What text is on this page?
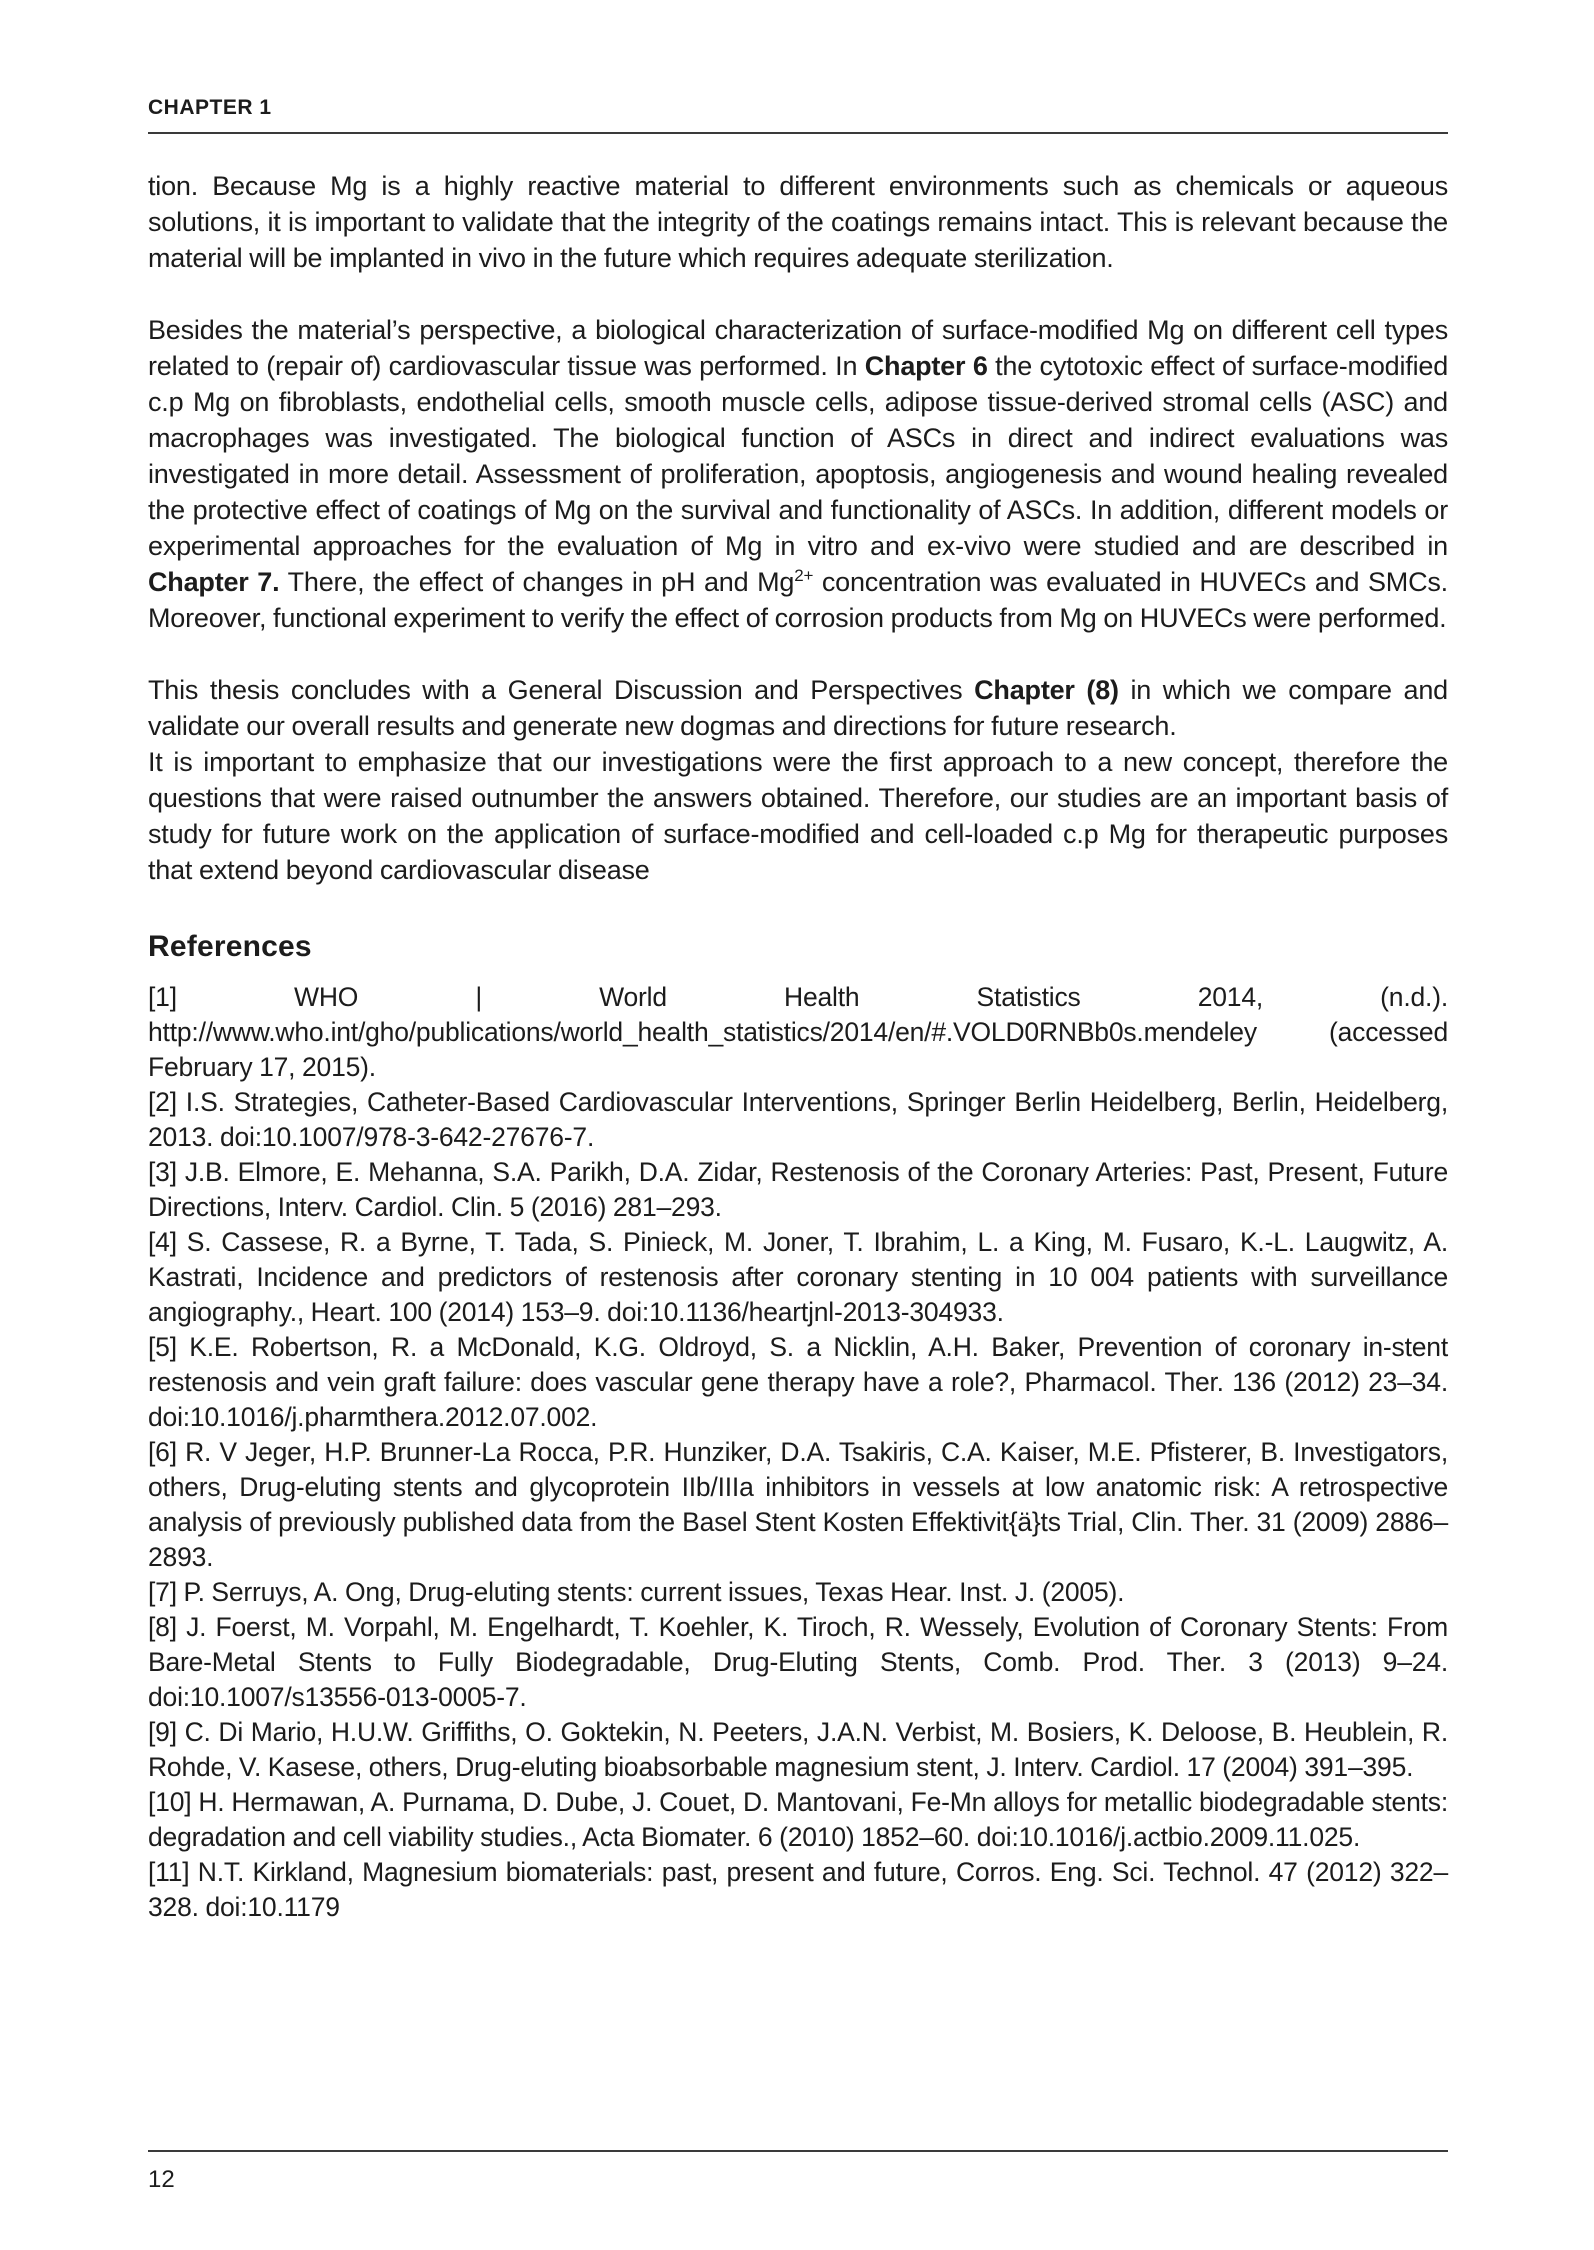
CHAPTER 1

tion. Because Mg is a highly reactive material to different environments such as chemicals or aqueous solutions, it is important to validate that the integrity of the coatings remains intact. This is relevant because the material will be implanted in vivo in the future which requires adequate sterilization.

Besides the material’s perspective, a biological characterization of surface-modified Mg on different cell types related to (repair of) cardiovascular tissue was performed. In Chapter 6 the cytotoxic effect of surface-modified c.p Mg on fibroblasts, endothelial cells, smooth muscle cells, adipose tissue-derived stromal cells (ASC) and macrophages was investigated. The biological function of ASCs in direct and indirect evaluations was investigated in more detail. Assessment of proliferation, apoptosis, angiogenesis and wound healing revealed the protective effect of coatings of Mg on the survival and functionality of ASCs. In addition, different models or experimental approaches for the evaluation of Mg in vitro and ex-vivo were studied and are described in Chapter 7. There, the effect of changes in pH and $Mg^{2+}$ concentration was evaluated in HUVECs and SMCs. Moreover, functional experiment to verify the effect of corrosion products from Mg on HUVECs were performed.

This thesis concludes with a General Discussion and Perspectives Chapter (8) in which we compare and validate our overall results and generate new dogmas and directions for future research.

It is important to emphasize that our investigations were the first approach to a new concept, therefore the questions that were raised outnumber the answers obtained. Therefore, our studies are an important basis of study for future work on the application of surface-modified and cell-loaded c.p Mg for therapeutic purposes that extend beyond cardiovascular disease

References

[1] WHO | World Health Statistics 2014, (n.d.). http://www.who.int/gho/publications/world_health_statistics/2014/en/#.VOLD0RNBb0s.mendeley (accessed February 17, 2015).

[2] I.S. Strategies, Catheter-Based Cardiovascular Interventions, Springer Berlin Heidelberg, Berlin, Heidelberg, 2013. doi:10.1007/978-3-642-27676-7.

[3] J.B. Elmore, E. Mehanna, S.A. Parikh, D.A. Zidar, Restenosis of the Coronary Arteries: Past, Present, Future Directions, Interv. Cardiol. Clin. 5 (2016) 281–293.

[4] S. Cassese, R. a Byrne, T. Tada, S. Pinieck, M. Joner, T. Ibrahim, L. a King, M. Fusaro, K.-L. Laugwitz, A. Kastrati, Incidence and predictors of restenosis after coronary stenting in 10 004 patients with surveillance angiography., Heart. 100 (2014) 153–9. doi:10.1136/heartjnl-2013-304933.

[5] K.E. Robertson, R. a McDonald, K.G. Oldroyd, S. a Nicklin, A.H. Baker, Prevention of coronary in-stent restenosis and vein graft failure: does vascular gene therapy have a role?, Pharmacol. Ther. 136 (2012) 23–34. doi:10.1016/j.pharmthera.2012.07.002.

[6] R. V Jeger, H.P. Brunner-La Rocca, P.R. Hunziker, D.A. Tsakiris, C.A. Kaiser, M.E. Pfisterer, B. Investigators, others, Drug-eluting stents and glycoprotein IIb/IIIa inhibitors in vessels at low anatomic risk: A retrospective analysis of previously published data from the Basel Stent Kosten Effektivit{ä}ts Trial, Clin. Ther. 31 (2009) 2886–2893.

[7] P. Serruys, A. Ong, Drug-eluting stents: current issues, Texas Hear. Inst. J. (2005).

[8] J. Foerst, M. Vorpahl, M. Engelhardt, T. Koehler, K. Tiroch, R. Wessely, Evolution of Coronary Stents: From Bare-Metal Stents to Fully Biodegradable, Drug-Eluting Stents, Comb. Prod. Ther. 3 (2013) 9–24. doi:10.1007/s13556-013-0005-7.

[9] C. Di Mario, H.U.W. Griffiths, O. Goktekin, N. Peeters, J.A.N. Verbist, M. Bosiers, K. Deloose, B. Heublein, R. Rohde, V. Kasese, others, Drug-eluting bioabsorbable magnesium stent, J. Interv. Cardiol. 17 (2004) 391–395.

[10] H. Hermawan, A. Purnama, D. Dube, J. Couet, D. Mantovani, Fe-Mn alloys for metallic biodegradable stents: degradation and cell viability studies., Acta Biomater. 6 (2010) 1852–60. doi:10.1016/j.actbio.2009.11.025.

[11] N.T. Kirkland, Magnesium biomaterials: past, present and future, Corros. Eng. Sci. Technol. 47 (2012) 322–328. doi:10.1179

12
